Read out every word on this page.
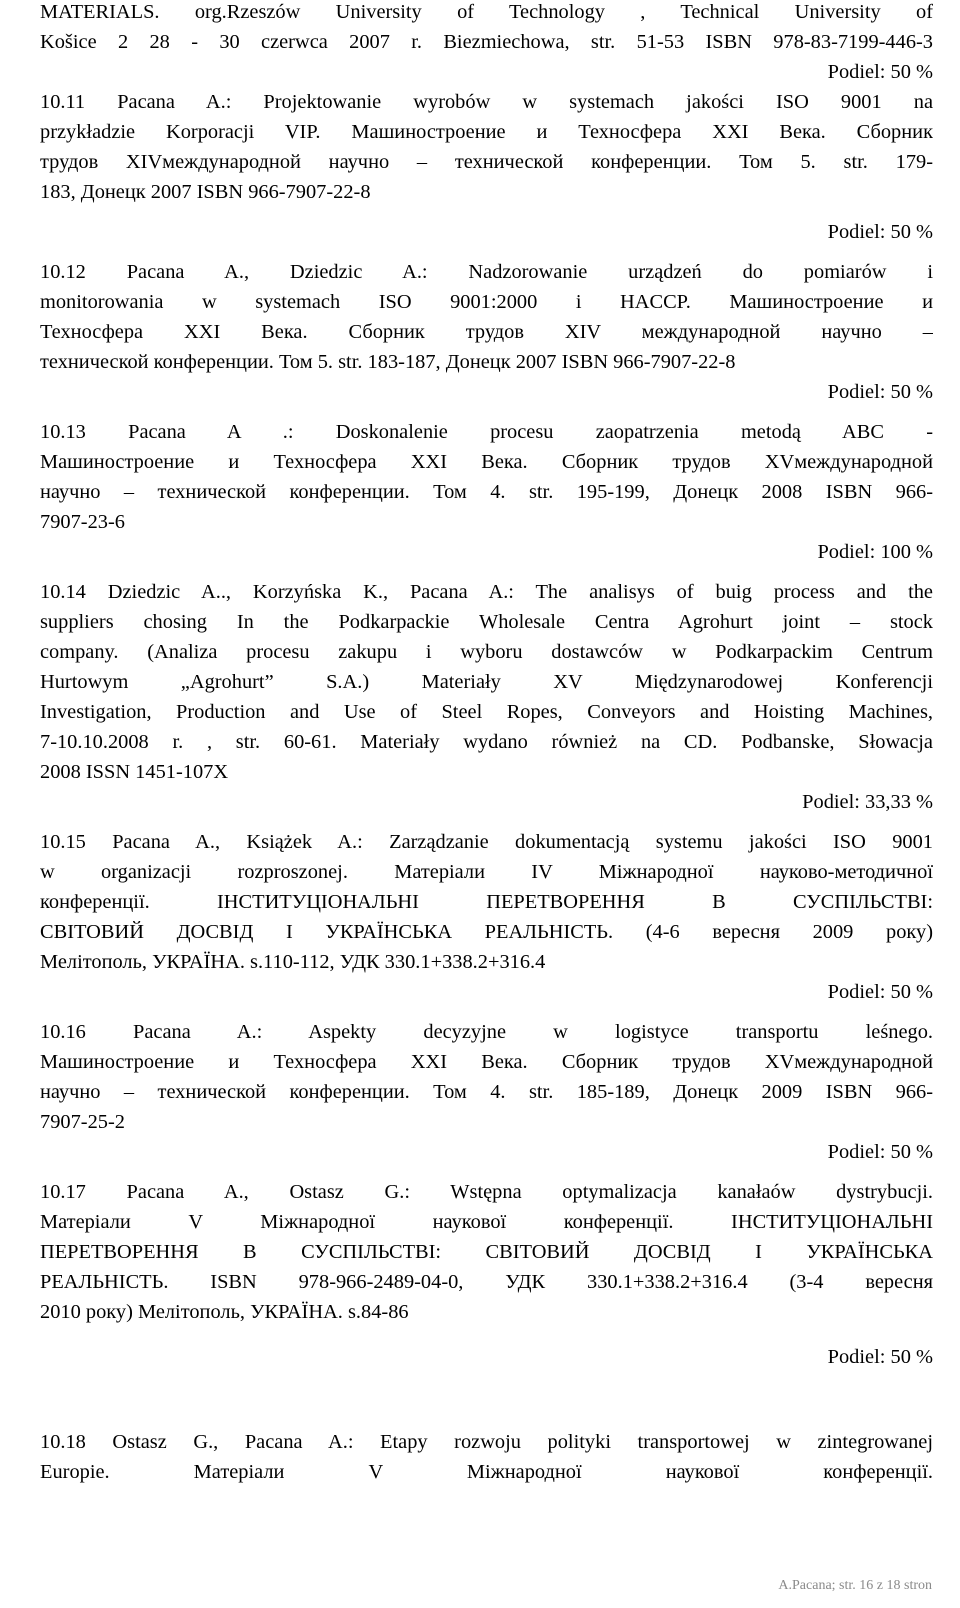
MATERIALS. org.Rzeszów University of Technology , Technical University of
Košice 2 28 - 30 czerwca 2007 r. Biezmiechowa, str. 51-53 ISBN 978-83-7199-446-3
Podiel: 50 %
10.11 Pacana A.: Projektowanie wyrobów w systemach jakości ISO 9001 na
przykładzie Korporacji VIP. Машиностроение и Техносфера XXI Века. Сборник
трудов XIVмеждународной научно – технической конференции. Том 5. str. 179-
183, Донецк 2007 ISBN 966-7907-22-8
Podiel: 50 %
10.12 Pacana A., Dziedzic A.: Nadzorowanie urządzeń do pomiarów i
monitorowania w systemach ISO 9001:2000 i HACCP. Машиностроение и
Техносфера XXI Века. Сборник трудов XIV международной научно –
технической конференции. Том 5. str. 183-187, Донецк 2007 ISBN 966-7907-22-8
Podiel: 50 %
10.13 Pacana A .: Doskonalenie procesu zaopatrzenia metodą ABC -
Машиностроение и Техносфера XXI Века. Сборник трудов XVмеждународной
научно – технической конференции. Том 4. str. 195-199, Донецк 2008 ISBN 966-
7907-23-6
Podiel: 100 %
10.14 Dziedzic A.., Korzyńska K., Pacana A.: The analisys of buig process and the
suppliers chosing In the Podkarpackie Wholesale Centra Agrohurt joint – stock
company. (Analiza procesu zakupu i wyboru dostawców w Podkarpackim Centrum
Hurtowym „Agrohurt” S.A.) Materiały XV Międzynarodowej Konferencji
Investigation, Production and Use of Steel Ropes, Conveyors and Hoisting Machines,
7-10.10.2008 r. , str. 60-61. Materiały wydano również na CD. Podbanske, Słowacja
2008 ISSN 1451-107X
Podiel: 33,33 %
10.15 Pacana A., Książek A.: Zarządzanie dokumentacją systemu jakości ISO 9001
w organizacji rozproszonej. Матеріали IV Міжнародної науково-методичної
конференції. ІНСТИТУЦІОНАЛЬНІ ПЕРЕТВОРЕННЯ В СУСПІЛЬСТВІ:
СВІТОВИЙ ДОСВІД І УКРАЇНСЬКА РЕАЛЬНІСТЬ. (4-6 вересня 2009 року)
Мелітополь, УКРАЇНА. s.110-112, УДК 330.1+338.2+316.4
Podiel: 50 %
10.16 Pacana A.: Aspekty decyzyjne w logistyce transportu leśnego.
Машиностроение и Техносфера XXI Века. Сборник трудов XVмеждународной
научно – технической конференции. Том 4. str. 185-189, Донецк 2009 ISBN 966-
7907-25-2
Podiel: 50 %
10.17 Pacana A., Ostasz G.: Wstępna optymalizacja kanałaów dystrybucji.
Матеріали V Міжнародної наукової конференції. ІНСТИТУЦІОНАЛЬНІ
ПЕРЕТВОРЕННЯ В СУСПІЛЬСТВІ: СВІТОВИЙ ДОСВІД І УКРАЇНСЬКА
РЕАЛЬНІСТЬ. ISBN 978-966-2489-04-0, УДК 330.1+338.2+316.4 (3-4 вересня
2010 року) Мелітополь, УКРАЇНА. s.84-86
Podiel: 50 %
10.18 Ostasz G., Pacana A.: Etapy rozwoju polityki transportowej w zintegrowanej
Europie. Матеріали V Міжнародної наукової конференції.
A.Pacana; str. 16 z 18 stron
